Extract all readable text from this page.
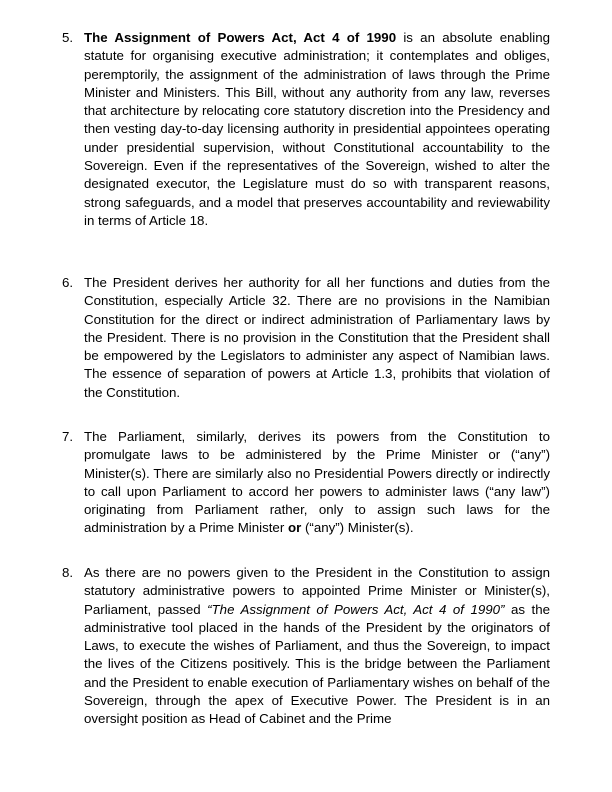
5. The Assignment of Powers Act, Act 4 of 1990 is an absolute enabling statute for organising executive administration; it contemplates and obliges, peremptorily, the assignment of the administration of laws through the Prime Minister and Ministers. This Bill, without any authority from any law, reverses that architecture by relocating core statutory discretion into the Presidency and then vesting day-to-day licensing authority in presidential appointees operating under presidential supervision, without Constitutional accountability to the Sovereign. Even if the representatives of the Sovereign, wished to alter the designated executor, the Legislature must do so with transparent reasons, strong safeguards, and a model that preserves accountability and reviewability in terms of Article 18.
6. The President derives her authority for all her functions and duties from the Constitution, especially Article 32. There are no provisions in the Namibian Constitution for the direct or indirect administration of Parliamentary laws by the President. There is no provision in the Constitution that the President shall be empowered by the Legislators to administer any aspect of Namibian laws. The essence of separation of powers at Article 1.3, prohibits that violation of the Constitution.
7. The Parliament, similarly, derives its powers from the Constitution to promulgate laws to be administered by the Prime Minister or (“any”) Minister(s). There are similarly also no Presidential Powers directly or indirectly to call upon Parliament to accord her powers to administer laws (“any law”) originating from Parliament rather, only to assign such laws for the administration by a Prime Minister or (“any”) Minister(s).
8. As there are no powers given to the President in the Constitution to assign statutory administrative powers to appointed Prime Minister or Minister(s), Parliament, passed “The Assignment of Powers Act, Act 4 of 1990” as the administrative tool placed in the hands of the President by the originators of Laws, to execute the wishes of Parliament, and thus the Sovereign, to impact the lives of the Citizens positively. This is the bridge between the Parliament and the President to enable execution of Parliamentary wishes on behalf of the Sovereign, through the apex of Executive Power. The President is in an oversight position as Head of Cabinet and the Prime
